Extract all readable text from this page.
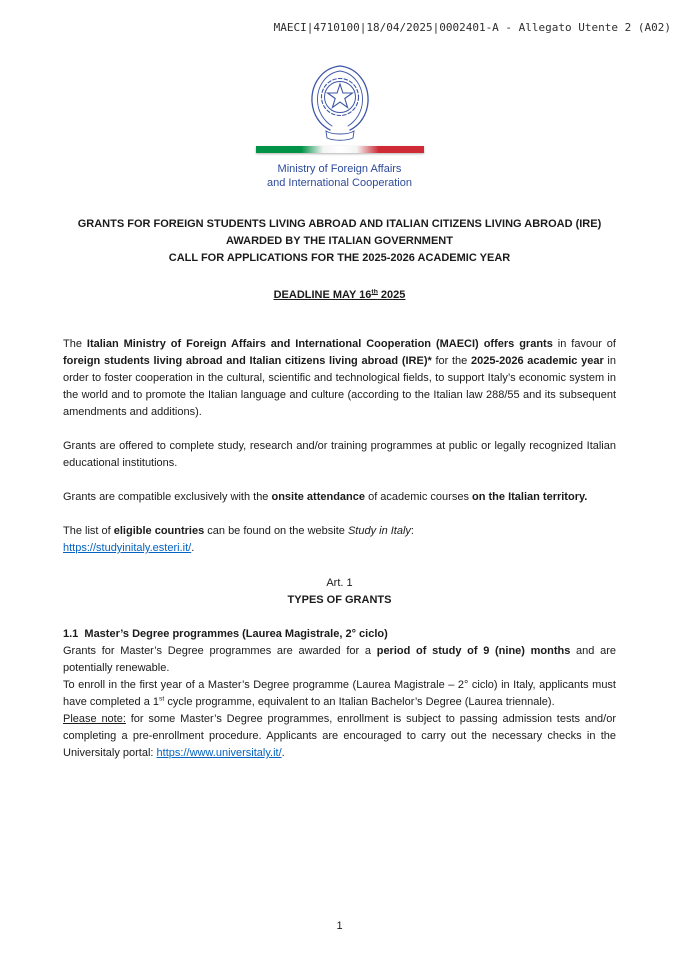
MAECI|4710100|18/04/2025|0002401-A - Allegato Utente 2 (A02)
Ministry of Foreign Affairs
and International Cooperation
GRANTS FOR FOREIGN STUDENTS LIVING ABROAD AND ITALIAN CITIZENS LIVING ABROAD (IRE)
AWARDED BY THE ITALIAN GOVERNMENT
CALL FOR APPLICATIONS FOR THE 2025-2026 ACADEMIC YEAR
DEADLINE MAY 16th 2025

The Italian Ministry of Foreign Affairs and International Cooperation (MAECI) offers grants in favour of foreign students living abroad and Italian citizens living abroad (IRE)* for the 2025-2026 academic year in order to foster cooperation in the cultural, scientific and technological fields, to support Italy’s economic system in the world and to promote the Italian language and culture (according to the Italian law 288/55 and its subsequent amendments and additions).

Grants are offered to complete study, research and/or training programmes at public or legally recognized Italian educational institutions.

Grants are compatible exclusively with the onsite attendance of academic courses on the Italian territory.

The list of eligible countries can be found on the website Study in Italy:
https://studyinitaly.esteri.it/.

Art. 1
TYPES OF GRANTS

1.1  Master’s Degree programmes (Laurea Magistrale, 2° ciclo)

Grants for Master’s Degree programmes are awarded for a period of study of 9 (nine) months and are potentially renewable.

To enroll in the first year of a Master’s Degree programme (Laurea Magistrale – 2° ciclo) in Italy, applicants must have completed a 1st cycle programme, equivalent to an Italian Bachelor’s Degree (Laurea triennale).

Please note: for some Master’s Degree programmes, enrollment is subject to passing admission tests and/or completing a pre-enrollment procedure. Applicants are encouraged to carry out the necessary checks in the Universitaly portal: https://www.universitaly.it/.

1
